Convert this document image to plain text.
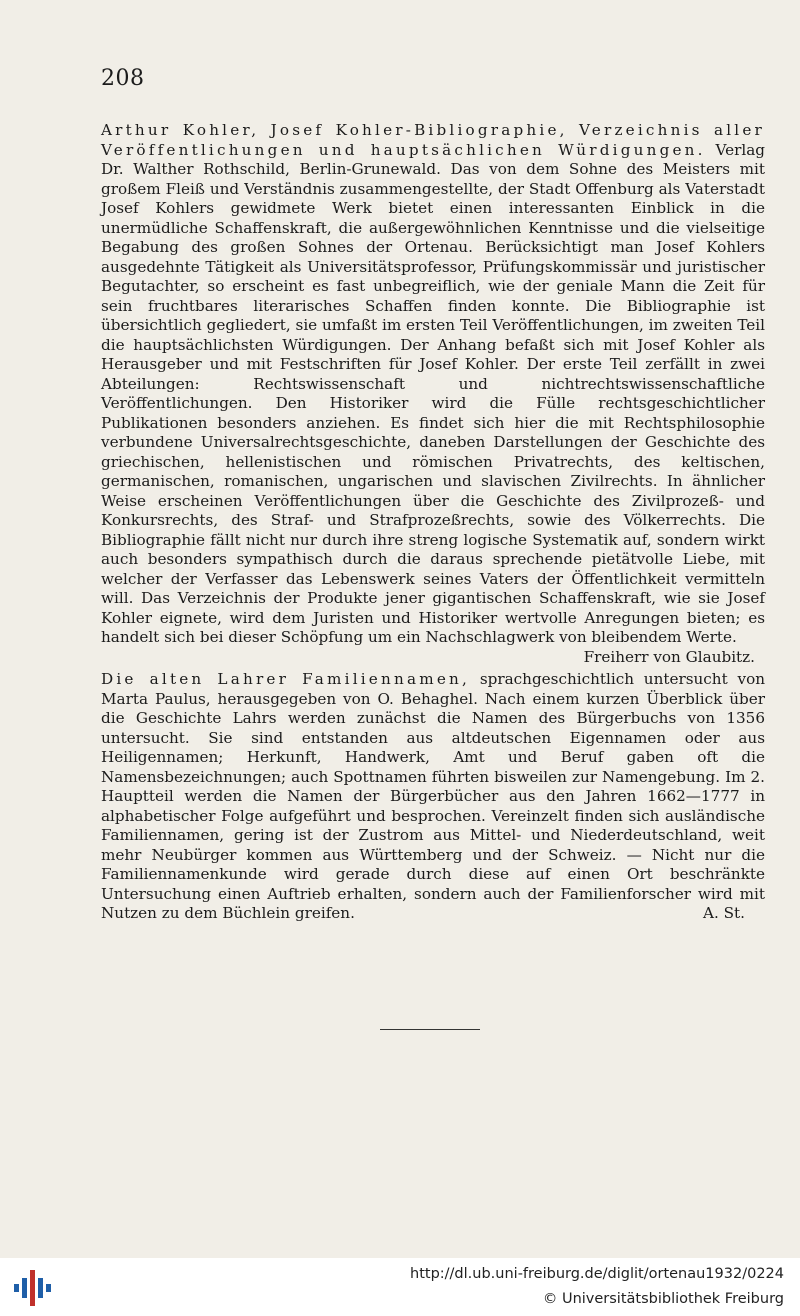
208
Arthur Kohler, Josef Kohler-Bibliographie, Verzeichnis aller Veröffentlichungen und hauptsächlichen Würdigungen. Verlag Dr. Walther Rothschild, Berlin-Grunewald. Das von dem Sohne des Meisters mit großem Fleiß und Verständnis zusammengestellte, der Stadt Offenburg als Vaterstadt Josef Kohlers gewidmete Werk bietet einen interessanten Einblick in die unermüdliche Schaffenskraft, die außergewöhnlichen Kenntnisse und die vielseitige Begabung des großen Sohnes der Ortenau. Berücksichtigt man Josef Kohlers ausgedehnte Tätigkeit als Universitätsprofessor, Prüfungskommissär und juristischer Begutachter, so erscheint es fast unbegreiflich, wie der geniale Mann die Zeit für sein fruchtbares literarisches Schaffen finden konnte. Die Bibliographie ist übersichtlich gegliedert, sie umfaßt im ersten Teil Veröffentlichungen, im zweiten Teil die hauptsächlichsten Würdigungen. Der Anhang befaßt sich mit Josef Kohler als Herausgeber und mit Festschriften für Josef Kohler. Der erste Teil zerfällt in zwei Abteilungen: Rechtswissenschaft und nichtrechtswissenschaftliche Veröffentlichungen. Den Historiker wird die Fülle rechtsgeschichtlicher Publikationen besonders anziehen. Es findet sich hier die mit Rechtsphilosophie verbundene Universalrechtsgeschichte, daneben Darstellungen der Geschichte des griechischen, hellenistischen und römischen Privatrechts, des keltischen, germanischen, romanischen, ungarischen und slavischen Zivilrechts. In ähnlicher Weise erscheinen Veröffentlichungen über die Geschichte des Zivilprozeß- und Konkursrechts, des Straf- und Strafprozeßrechts, sowie des Völkerrechts. Die Bibliographie fällt nicht nur durch ihre streng logische Systematik auf, sondern wirkt auch besonders sympathisch durch die daraus sprechende pietätvolle Liebe, mit welcher der Verfasser das Lebenswerk seines Vaters der Öffentlichkeit vermitteln will. Das Verzeichnis der Produkte jener gigantischen Schaffenskraft, wie sie Josef Kohler eignete, wird dem Juristen und Historiker wertvolle Anregungen bieten; es handelt sich bei dieser Schöpfung um ein Nachschlagwerk von bleibendem Werte.
Freiherr von Glaubitz.
Die alten Lahrer Familiennamen, sprachgeschichtlich untersucht von Marta Paulus, herausgegeben von O. Behaghel. Nach einem kurzen Überblick über die Geschichte Lahrs werden zunächst die Namen des Bürgerbuchs von 1356 untersucht. Sie sind entstanden aus altdeutschen Eigennamen oder aus Heiligennamen; Herkunft, Handwerk, Amt und Beruf gaben oft die Namensbezeichnungen; auch Spottnamen führten bisweilen zur Namengebung. Im 2. Hauptteil werden die Namen der Bürgerbücher aus den Jahren 1662—1777 in alphabetischer Folge aufgeführt und besprochen. Vereinzelt finden sich ausländische Familiennamen, gering ist der Zustrom aus Mittel- und Niederdeutschland, weit mehr Neubürger kommen aus Württemberg und der Schweiz. — Nicht nur die Familiennamenkunde wird gerade durch diese auf einen Ort beschränkte Untersuchung einen Auftrieb erhalten, sondern auch der Familienforscher wird mit Nutzen zu dem Büchlein greifen.	A. St.
http://dl.ub.uni-freiburg.de/diglit/ortenau1932/0224
© Universitätsbibliothek Freiburg
